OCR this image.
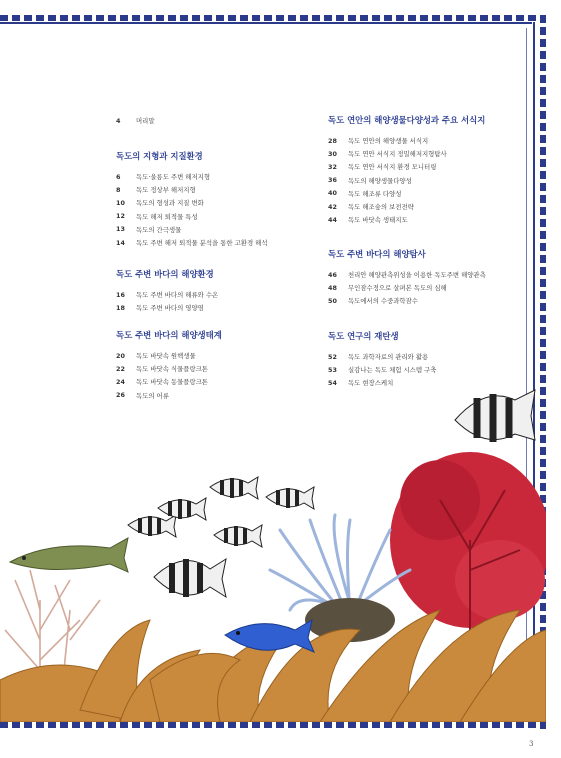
4	머리말

독도의 지형과 지질환경

6	독도·울릉도 주변 해저지형
8	독도 정상부 해저지형
10	독도의 형성과 지질 변화
12	독도 해저 퇴적물 특성
13	독도의 간극생물
14	독도 주변 해저 퇴적물 분석을 통한 고환경 해석

독도 주변 바다의 해양환경

16	독도 주변 바다의 해류와 수온
18	독도 주변 바다의 영양염

독도 주변 바다의 해양생태계

20	독도 바닷속 원핵생물
22	독도 바닷속 식물플랑크톤
24	독도 바닷속 동물플랑크톤
26	독도의 어류

독도 연안의 해양생물다양성과 주요 서식지

28	독도 연안의 해양생물 서식지
30	독도 연안 서식지 정밀해저지형탐사
32	독도 연안 서식지 환경 모니터링
36	독도의 해양생물다양성
40	독도 해조류 다양성
42	독도 해조숲의 보전전략
44	독도 바닷속 생태지도

독도 주변 바다의 해양탐사

46	천리안 해양관측위성을 이용한 독도주변 해양관측
48	무인잠수정으로 살펴본 독도의 심해
50	독도에서의 수중과학잠수

독도 연구의 재탄생

52	독도 과학자료의 관리와 활용
53	실감나는 독도 체험 시스템 구축
54	독도 현장스케치
3
